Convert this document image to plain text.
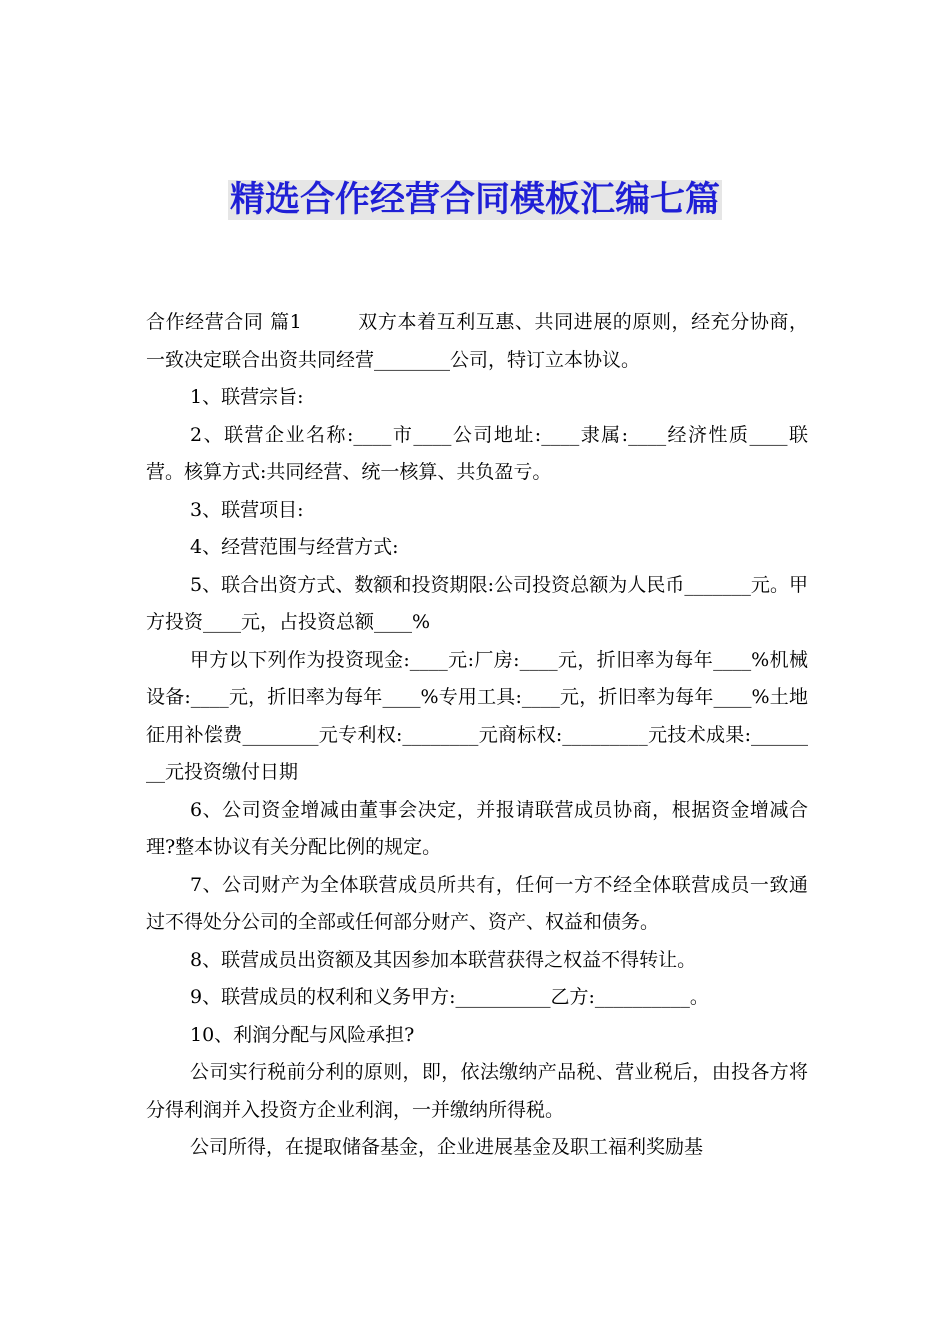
精选合作经营合同模板汇编七篇

合作经营合同 篇1	双方本着互利互惠、共同进展的原则，经充分协商，一致决定联合出资共同经营________公司，特订立本协议。

1、联营宗旨:

2、联营企业名称:____市____公司地址:____隶属:____经济性质____联营。核算方式:共同经营、统一核算、共负盈亏。

3、联营项目:

4、经营范围与经营方式:

5、联合出资方式、数额和投资期限:公司投资总额为人民币_______元。甲方投资____元，占投资总额____%

甲方以下列作为投资现金:____元:厂房:____元，折旧率为每年____%机械设备:____元，折旧率为每年____%专用工具:____元，折旧率为每年____%土地征用补偿费________元专利权:________元商标权:_________元技术成果:________元投资缴付日期

6、公司资金增减由董事会决定，并报请联营成员协商，根据资金增减合理?整本协议有关分配比例的规定。

7、公司财产为全体联营成员所共有，任何一方不经全体联营成员一致通过不得处分公司的全部或任何部分财产、资产、权益和债务。

8、联营成员出资额及其因参加本联营获得之权益不得转让。

9、联营成员的权利和义务甲方:__________乙方:__________。

10、利润分配与风险承担?

公司实行税前分利的原则，即，依法缴纳产品税、营业税后，由投各方将分得利润并入投资方企业利润，一并缴纳所得税。

公司所得，在提取储备基金，企业进展基金及职工福利奖励基
